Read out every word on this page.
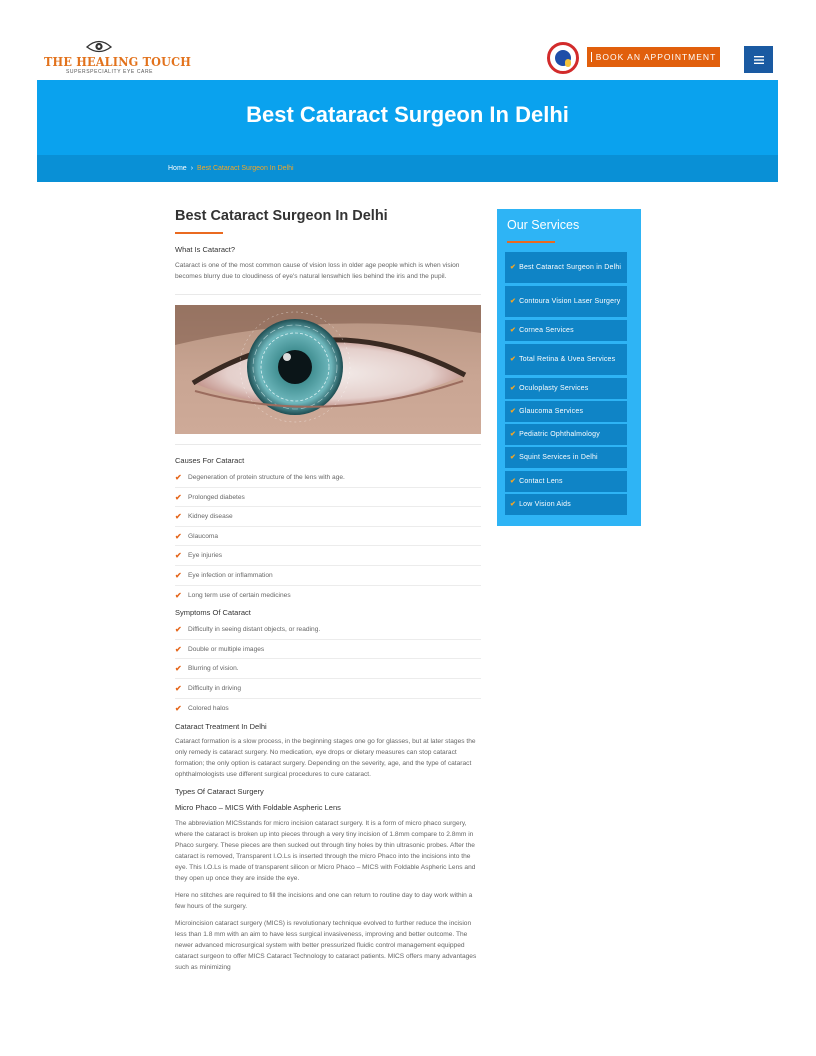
THE HEALING TOUCH
SUPERSPECIALITY EYE CARE
BOOK AN APPOINTMENT
Best Cataract Surgeon In Delhi
Home › Best Cataract Surgeon In Delhi
Best Cataract Surgeon In Delhi
What Is Cataract?

Cataract is one of the most common cause of vision loss in older age people which is when vision becomes blurry due to cloudiness of eye's natural lenswhich lies behind the iris and the pupil.

Causes For Cataract
✔ Degeneration of protein structure of the lens with age.
✔ Prolonged diabetes
✔ Kidney disease
✔ Glaucoma
✔ Eye injuries
✔ Eye infection or inflammation
✔ Long term use of certain medicines
Symptoms Of Cataract
✔ Difficulty in seeing distant objects, or reading.
✔ Double or multiple images
✔ Blurring of vision.
✔ Difficulty in driving
✔ Colored halos
Cataract Treatment In Delhi

Cataract formation is a slow process, in the beginning stages one go for glasses, but at later stages the only remedy is cataract surgery. No medication, eye drops or dietary measures can stop cataract formation; the only option is cataract surgery. Depending on the severity, age, and the type of cataract ophthalmologists use different surgical procedures to cure cataract.

Types Of Cataract Surgery
Micro Phaco – MICS With Foldable Aspheric Lens

The abbreviation MICSstands for micro incision cataract surgery. It is a form of micro phaco surgery, where the cataract is broken up into pieces through a very tiny incision of 1.8mm compare to 2.8mm in Phaco surgery. These pieces are then sucked out through tiny holes by thin ultrasonic probes. After the cataract is removed, Transparent I.O.Ls is inserted through the micro Phaco into the incisions into the eye. This I.O.Ls is made of transparent silicon or Micro Phaco – MICS with Foldable Aspheric Lens and they open up once they are inside the eye.

Here no stitches are required to fill the incisions and one can return to routine day to day work within a few hours of the surgery.

Microincision cataract surgery (MICS) is revolutionary technique evolved to further reduce the incision less than 1.8 mm with an aim to have less surgical invasiveness, improving and better outcome. The newer advanced microsurgical system with better pressurized fluidic control management equipped cataract surgeon to offer MICS Cataract Technology to cataract patients. MICS offers many advantages such as minimizing

Our Services
✔ Best Cataract Surgeon in Delhi
✔ Contoura Vision Laser Surgery
✔ Cornea Services
✔ Total Retina & Uvea Services
✔ Oculoplasty Services
✔ Glaucoma Services
✔ Pediatric Ophthalmology
✔ Squint Services in Delhi
✔ Contact Lens
✔ Low Vision Aids
